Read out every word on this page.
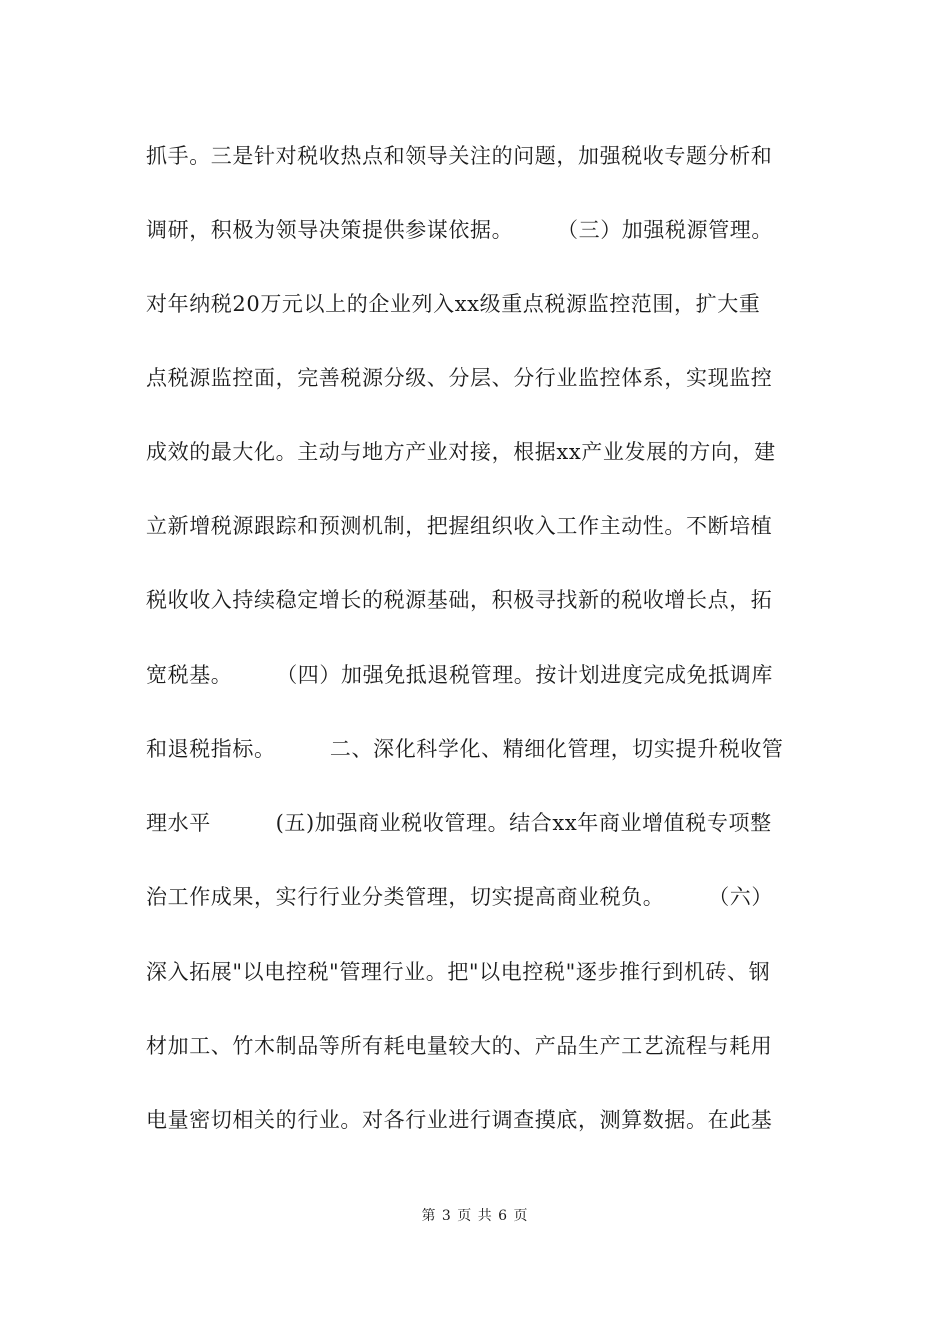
抓手。三是针对税收热点和领导关注的问题，加强税收专题分析和
调研，积极为领导决策提供参谋依据。　　　（三）加强税源管理。
对年纳税20万元以上的企业列入xx级重点税源监控范围，扩大重
点税源监控面，完善税源分级、分层、分行业监控体系，实现监控
成效的最大化。主动与地方产业对接，根据xx产业发展的方向，建
立新增税源跟踪和预测机制，把握组织收入工作主动性。不断培植
税收收入持续稳定增长的税源基础，积极寻找新的税收增长点，拓
宽税基。　　　（四）加强免抵退税管理。按计划进度完成免抵调库
和退税指标。　　　二、深化科学化、精细化管理，切实提升税收管
理水平　　　(五)加强商业税收管理。结合xx年商业增值税专项整
治工作成果，实行行业分类管理，切实提高商业税负。　　　（六）
深入拓展"以电控税"管理行业。把"以电控税"逐步推行到机砖、钢
材加工、竹木制品等所有耗电量较大的、产品生产工艺流程与耗用
电量密切相关的行业。对各行业进行调查摸底，测算数据。在此基
第 3 页 共 6 页
